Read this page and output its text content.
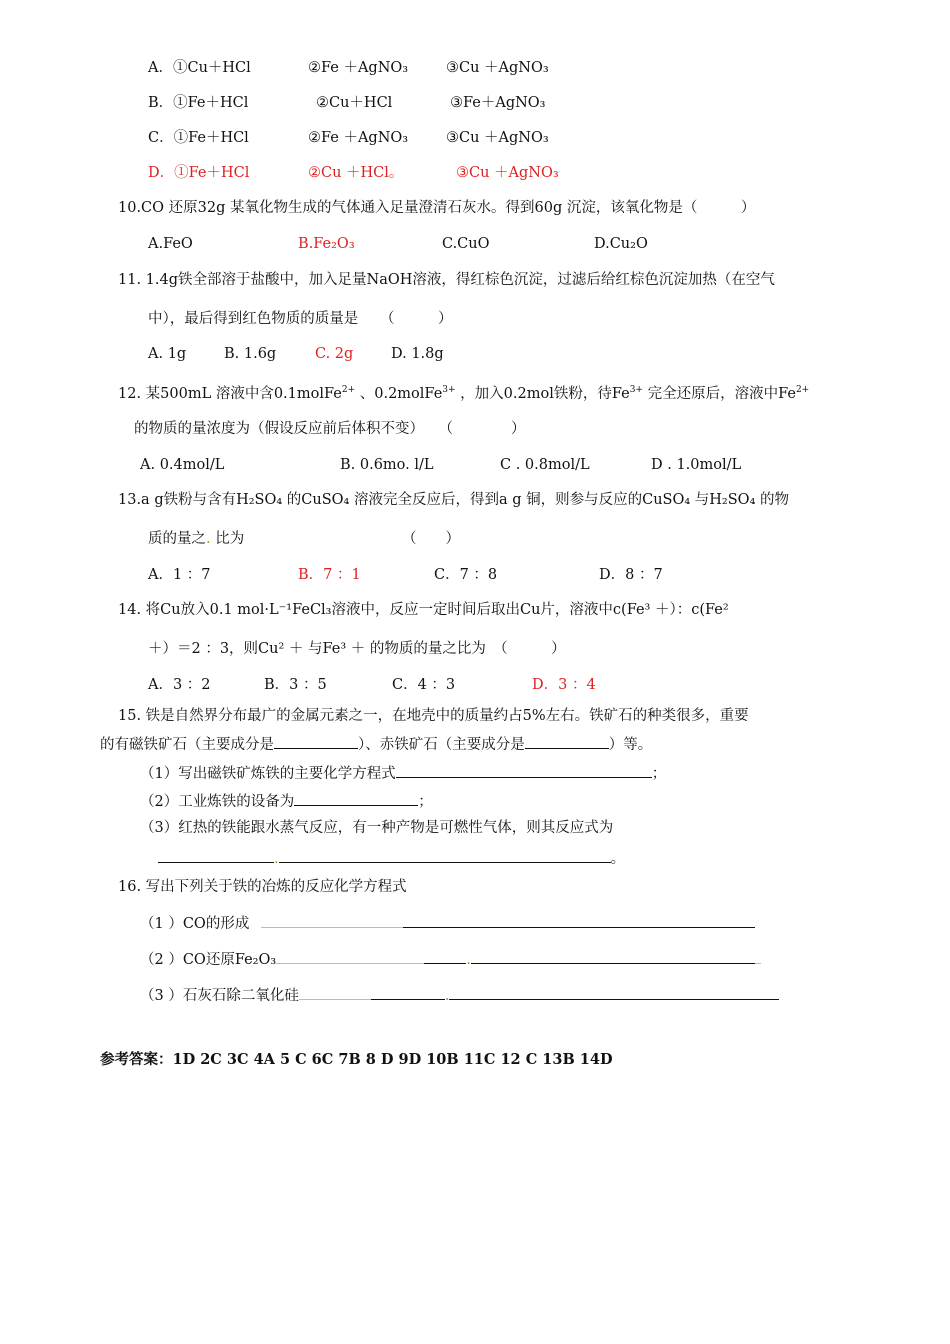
A．①Cu＋HCl	②Fe ＋AgNO₃	③Cu ＋AgNO₃
B．①Fe＋HCl	②Cu＋HCl	③Fe＋AgNO₃
C．①Fe＋HCl	②Fe ＋AgNO₃	③Cu ＋AgNO₃
D．①Fe＋HCl	②Cu ＋HCl。	③Cu ＋AgNO₃
10.CO 还原32g 某氧化物生成的气体通入足量澄清石灰水。得到60g 沉淀，该氧化物是（　　　）
A.FeO	B.Fe₂O₃	C.CuO	D.Cu₂O
11. 1.4g铁全部溶于盐酸中，加入足量NaOH溶液，得红棕色沉淀，过滤后给红棕色沉淀加热（在空气
中），最后得到红色物质的质量是　　（　　　）
A. 1g	B. 1.6g	C. 2g	D. 1.8g
12. 某500mL 溶液中含0.1molFe$^{2+}$ 、0.2molFe$^{3+}$ ，加入0.2mol铁粉，待$Fe^{3+}$ 完全还原后，溶液中$Fe^{2+}$
的物质的量浓度为（假设反应前后体积不变）　　（　　　　）
A. 0.4mol/L	B. 0.6mo. l/L	C . 0.8mol/L	D . 1.0mol/L
13.a g铁粉与含有H₂SO₄ 的CuSO₄ 溶液完全反应后，得到a g 铜，则参与反应的CuSO₄ 与H₂SO₄ 的物
质的量之. 比为	（　　）
A．1 ：7	B．7 ：1	C．7 ：8	D．8 ：7
14. 将Cu放入0.1 mol·L⁻¹FeCl₃溶液中，反应一定时间后取出Cu片，溶液中c(Fe³ ＋）：c(Fe²
＋）＝2 ：3，则Cu² ＋ 与Fe³ ＋ 的物质的量之比为　（　　　）
A．3 ：2	B．3 ：5	C．4 ：3	D．3 ：4
15. 铁是自然界分布最广的金属元素之一，在地壳中的质量约占5%左右。铁矿石的种类很多，重要
的有磁铁矿石（主要成分是	）、赤铁矿石（主要成分是	）等。
（1）写出磁铁矿炼铁的主要化学方程式	；
（2）工业炼铁的设备为	；
（3）红热的铁能跟水蒸气反应，有一种产物是可燃性气体，则其反应式为
.	。
16. 写出下列关于铁的冶炼的反应化学方程式
（1 ）CO的形成
（2 ）CO还原Fe₂O₃	.
（3 ）石灰石除二氧化硅	.
参考答案：1D 2C 3C 4A 5 C 6C 7B 8 D 9D 10B 11C 12 C 13B 14D
